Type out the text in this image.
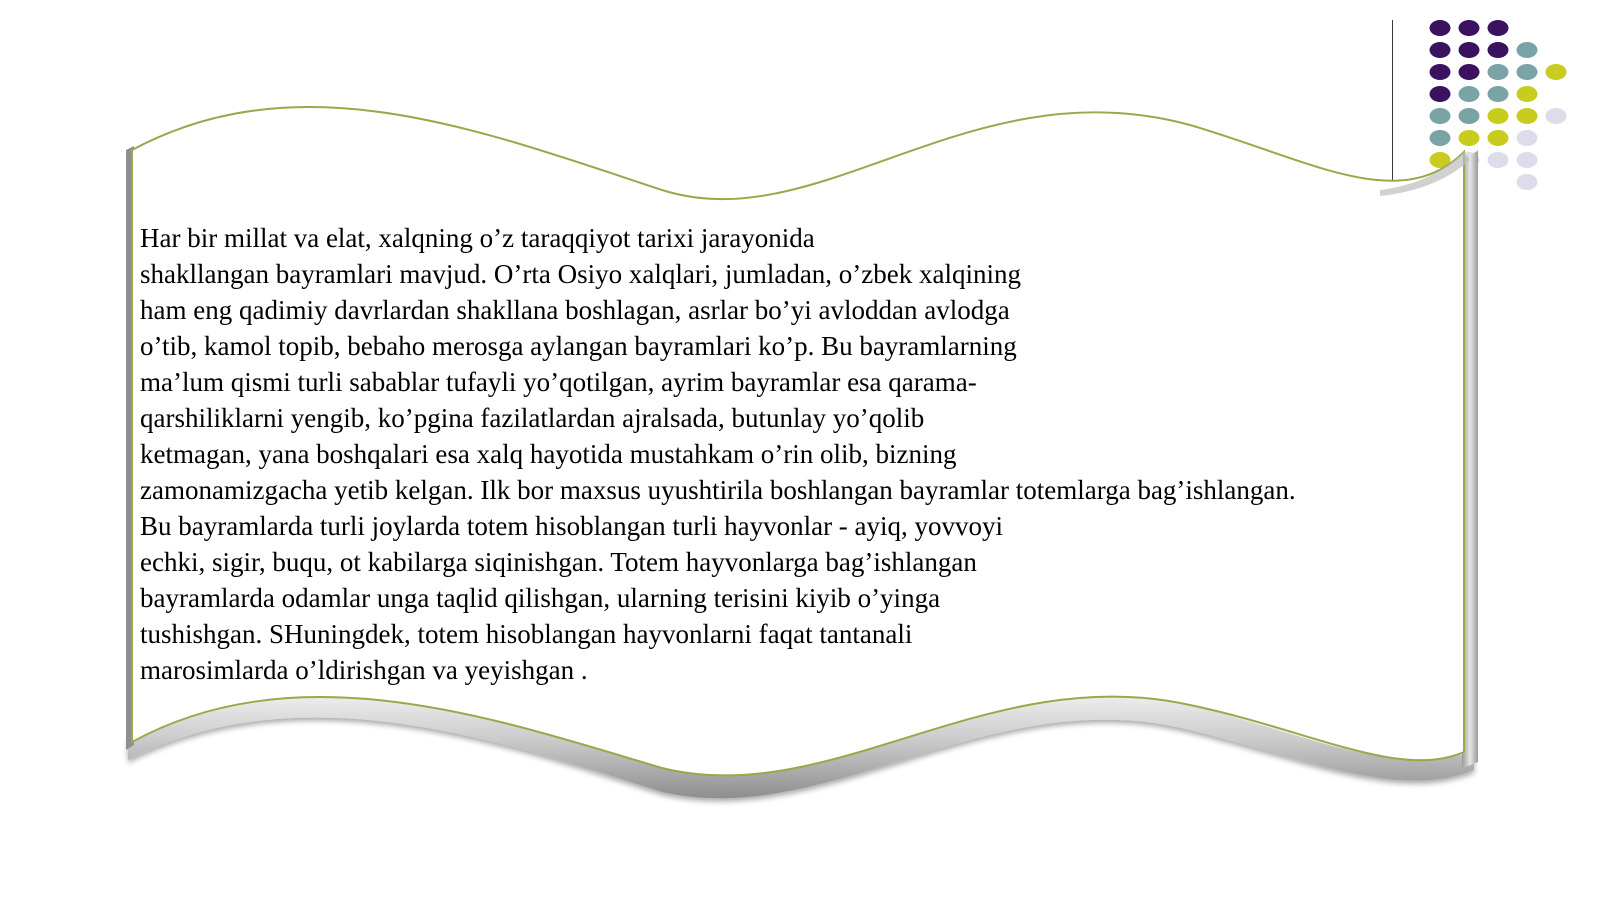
Har bir millat va elat, xalqning o’z taraqqiyot tarixi jarayonida
shakllangan bayramlari mavjud. O’rta Osiyo xalqlari, jumladan, o’zbek xalqining
ham eng qadimiy davrlardan shakllana boshlagan, asrlar bo’yi avloddan avlodga
o’tib, kamol topib, bebaho merosga aylangan bayramlari ko’p. Bu bayramlarning
ma’lum qismi turli sabablar tufayli yo’qotilgan, ayrim bayramlar esa qarama-
qarshiliklarni yengib, ko’pgina fazilatlardan ajralsada, butunlay yo’qolib
ketmagan, yana boshqalari esa xalq hayotida mustahkam o’rin olib, bizning
zamonamizgacha yetib kelgan. Ilk bor maxsus uyushtirila boshlangan bayramlar totemlarga bag’ishlangan.
Bu bayramlarda turli joylarda totem hisoblangan turli hayvonlar - ayiq, yovvoyi
echki, sigir, buqu, ot kabilarga siqinishgan. Totem hayvonlarga bag’ishlangan
bayramlarda odamlar unga taqlid qilishgan, ularning terisini kiyib o’yinga
tushishgan. SHuningdek, totem hisoblangan hayvonlarni faqat tantanali
marosimlarda o’ldirishgan va yeyishgan .
